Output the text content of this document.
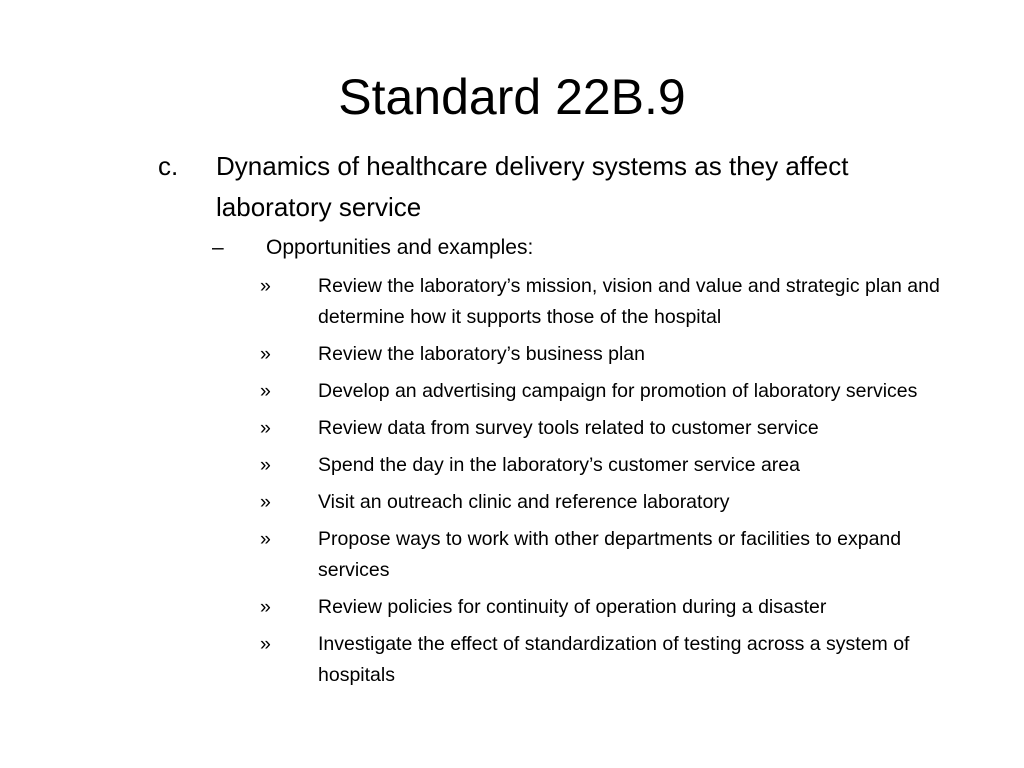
Standard 22B.9
c. Dynamics of healthcare delivery systems as they affect laboratory service
– Opportunities and examples:
» Review the laboratory’s mission, vision and value and strategic plan and determine how it supports those of the hospital
» Review the laboratory’s business plan
» Develop an advertising campaign for promotion of laboratory services
» Review data from survey tools related to customer service
» Spend the day in the laboratory’s customer service area
» Visit an outreach clinic and reference laboratory
» Propose ways to work with other departments or facilities to expand services
» Review policies for continuity of operation during a disaster
» Investigate the effect of standardization of testing across a system of hospitals
